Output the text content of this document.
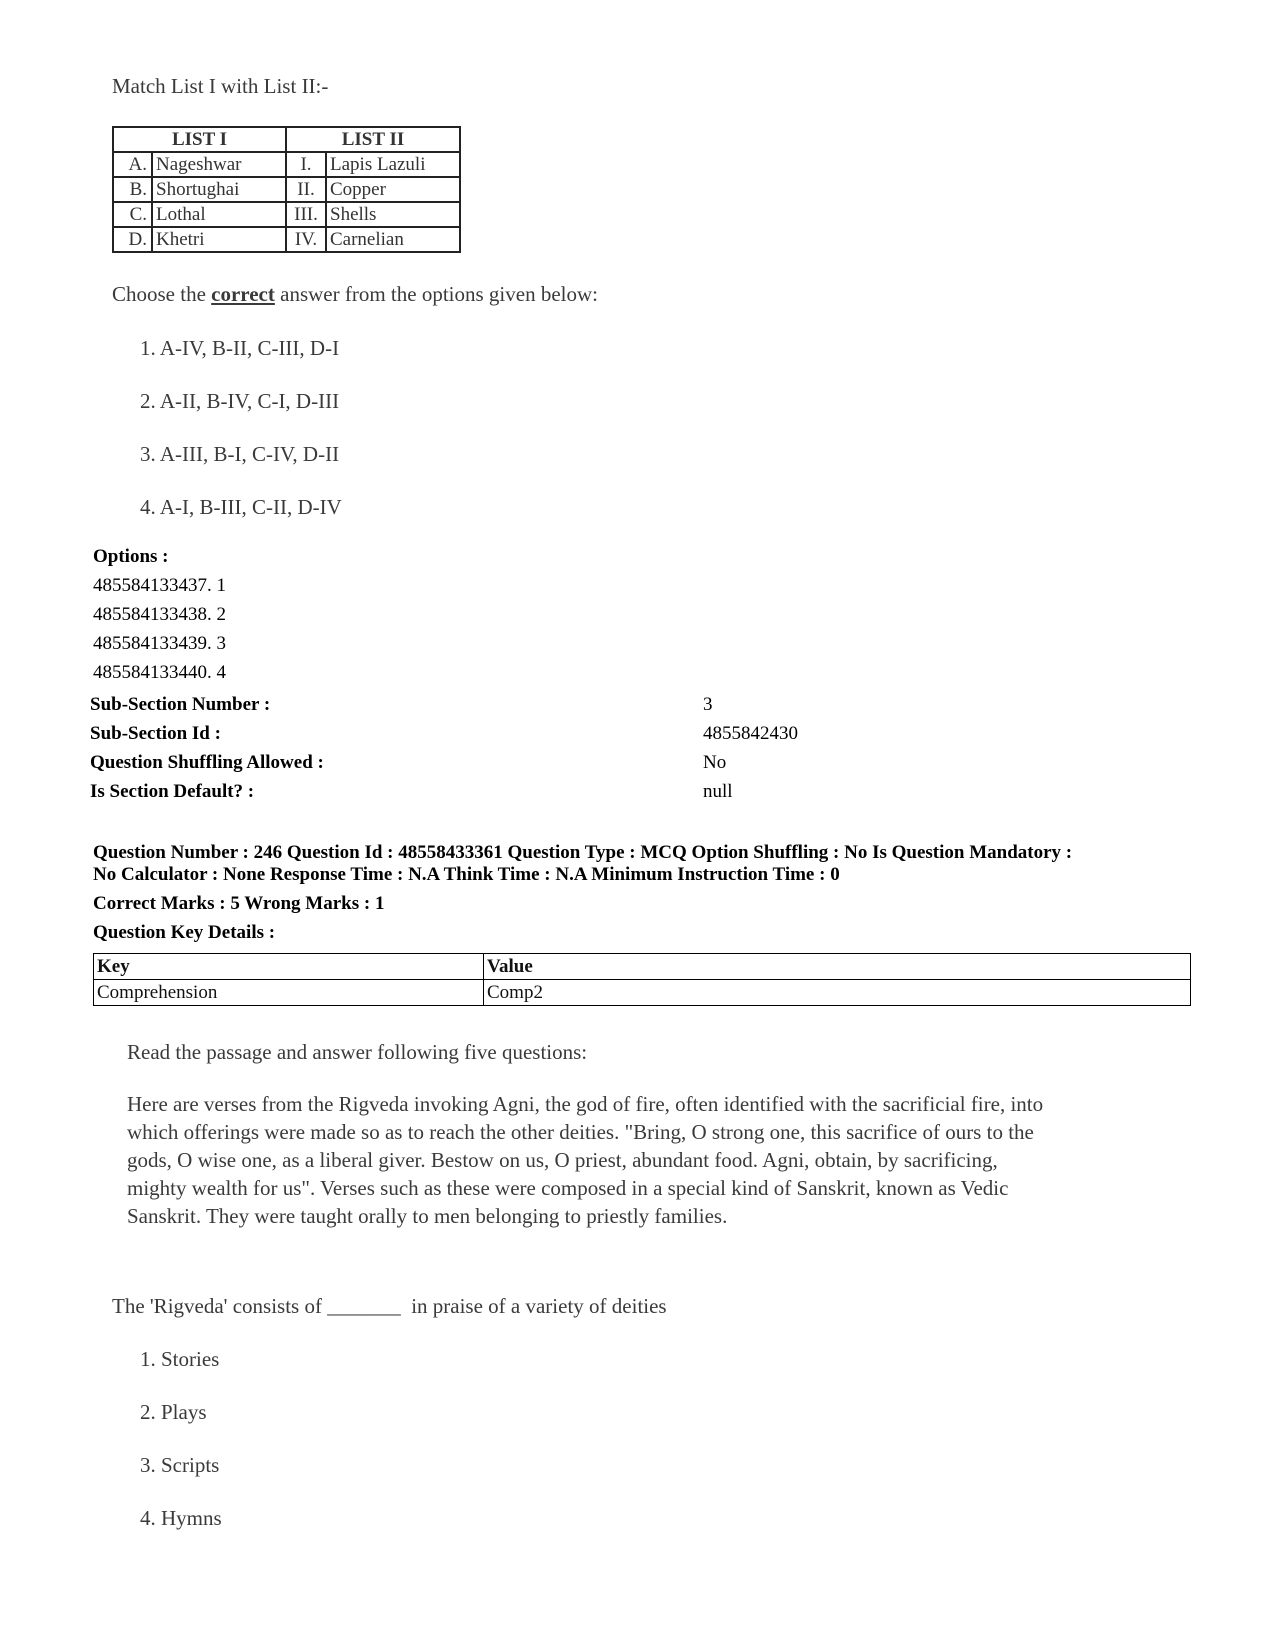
Match List I with List II:-
LIST I		LIST II	
A.	Nageshwar	I.	Lapis Lazuli
B.	Shortughai	II.	Copper
C.	Lothal	III.	Shells
D.	Khetri	IV.	Carnelian
Choose the correct answer from the options given below:
1. A-IV, B-II, C-III, D-I
2. A-II, B-IV, C-I, D-III
3. A-III, B-I, C-IV, D-II
4. A-I, B-III, C-II, D-IV
Options :
485584133437. 1
485584133438. 2
485584133439. 3
485584133440. 4
Sub-Section Number :	3
Sub-Section Id :	4855842430
Question Shuffling Allowed :	No
Is Section Default? :	null
Question Number : 246 Question Id : 48558433361 Question Type : MCQ Option Shuffling : No Is Question Mandatory :
No Calculator : None Response Time : N.A Think Time : N.A Minimum Instruction Time : 0
Correct Marks : 5 Wrong Marks : 1
Question Key Details :
Key	Value
Comprehension	Comp2
Read the passage and answer following five questions:
Here are verses from the Rigveda invoking Agni, the god of fire, often identified with the sacrificial fire, into
which offerings were made so as to reach the other deities. "Bring, O strong one, this sacrifice of ours to the
gods, O wise one, as a liberal giver. Bestow on us, O priest, abundant food. Agni, obtain, by sacrificing,
mighty wealth for us". Verses such as these were composed in a special kind of Sanskrit, known as Vedic
Sanskrit. They were taught orally to men belonging to priestly families.
The 'Rigveda' consists of _______  in praise of a variety of deities
1. Stories
2. Plays
3. Scripts
4. Hymns
